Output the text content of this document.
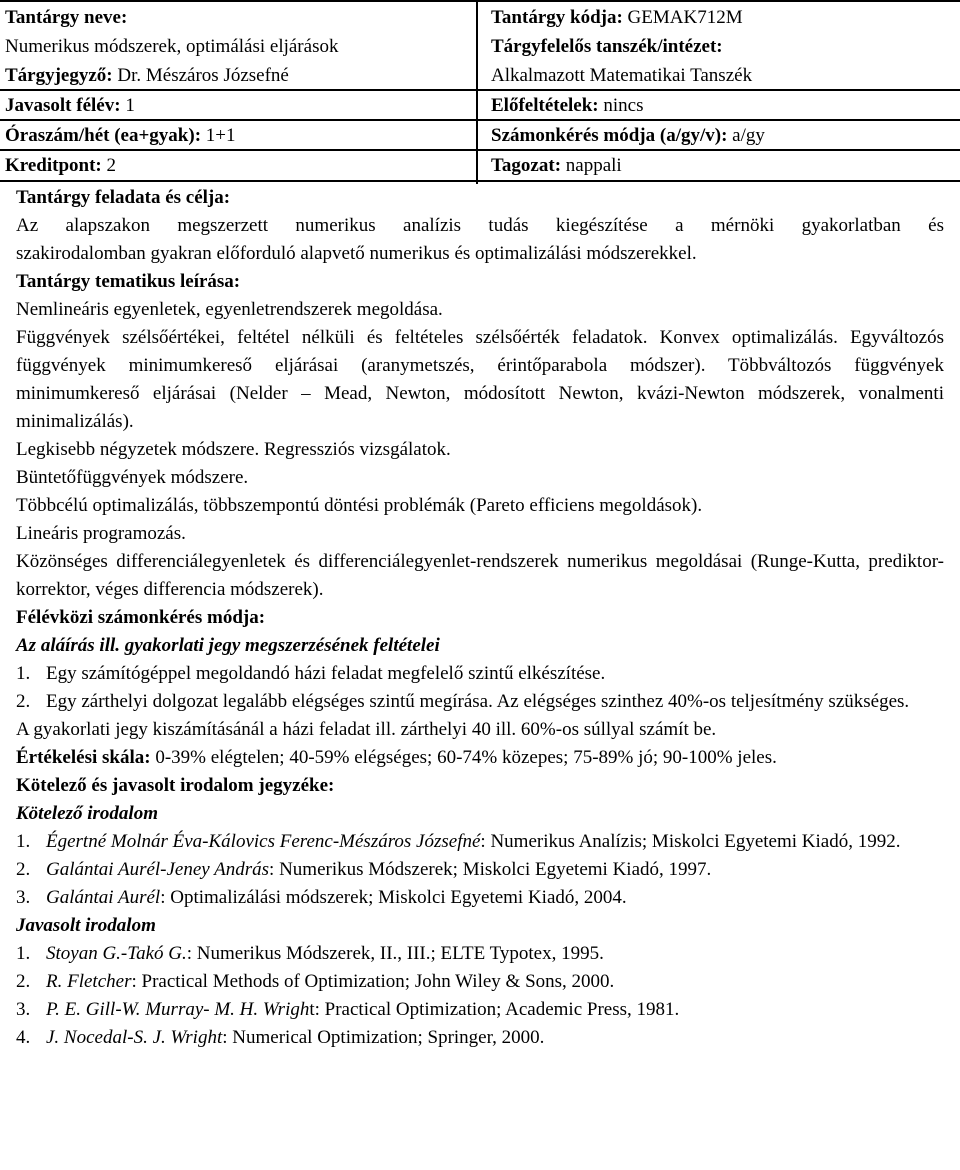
Tantárgy neve:
Numerikus módszerek, optimálási eljárások
Tárgyjegyző: Dr. Mészáros Józsefné
Javasolt félév: 1
Óraszám/hét (ea+gyak): 1+1
Kreditpont: 2
Tantárgy kódja: GEMAK712M
Tárgyfelelős tanszék/intézet:
Alkalmazott Matematikai Tanszék
Előfeltételek: nincs
Számonkérés módja (a/gy/v): a/gy
Tagozat: nappali

Tantárgy feladata és célja:

Az alapszakon megszerzett numerikus analízis tudás kiegészítése a mérnöki gyakorlatban és

szakirodalomban gyakran előforduló alapvető numerikus és optimalizálási módszerekkel.

Tantárgy tematikus leírása:

Nemlineáris egyenletek, egyenletrendszerek megoldása.

Függvények szélsőértékei, feltétel nélküli és feltételes szélsőérték feladatok. Konvex optimalizálás. Egyváltozós függvények minimumkereső eljárásai (aranymetszés, érintőparabola módszer). Többváltozós függvények minimumkereső eljárásai (Nelder – Mead, Newton, módosított Newton, kvázi-Newton módszerek, vonalmenti minimalizálás).

Legkisebb négyzetek módszere. Regressziós vizsgálatok.

Büntetőfüggvények módszere.

Többcélú optimalizálás, többszempontú döntési problémák (Pareto efficiens megoldások).

Lineáris programozás.

Közönséges differenciálegyenletek és differenciálegyenlet-rendszerek numerikus megoldásai (Runge-Kutta, prediktor-korrektor, véges differencia módszerek).

Félévközi számonkérés módja:

Az aláírás ill. gyakorlati jegy megszerzésének feltételei

1. Egy számítógéppel megoldandó házi feladat megfelelő szintű elkészítése.
2. Egy zárthelyi dolgozat legalább elégséges szintű megírása. Az elégséges szinthez 40%-os teljesítmény szükséges.

A gyakorlati jegy kiszámításánál a házi feladat ill. zárthelyi 40 ill. 60%-os súllyal számít be.

Értékelési skála: 0-39% elégtelen; 40-59% elégséges; 60-74% közepes; 75-89% jó; 90-100% jeles.

Kötelező és javasolt irodalom jegyzéke:

Kötelező irodalom

1. Égertné Molnár Éva-Kálovics Ferenc-Mészáros Józsefné: Numerikus Analízis; Miskolci Egyetemi Kiadó, 1992.
2. Galántai Aurél-Jeney András: Numerikus Módszerek; Miskolci Egyetemi Kiadó, 1997.
3. Galántai Aurél: Optimalizálási módszerek; Miskolci Egyetemi Kiadó, 2004.

Javasolt irodalom

1. Stoyan G.-Takó G.: Numerikus Módszerek, II., III.; ELTE Typotex, 1995.
2. R. Fletcher: Practical Methods of Optimization; John Wiley & Sons, 2000.
3. P. E. Gill-W. Murray- M. H. Wright: Practical Optimization; Academic Press, 1981.
4. J. Nocedal-S. J. Wright: Numerical Optimization; Springer, 2000.
